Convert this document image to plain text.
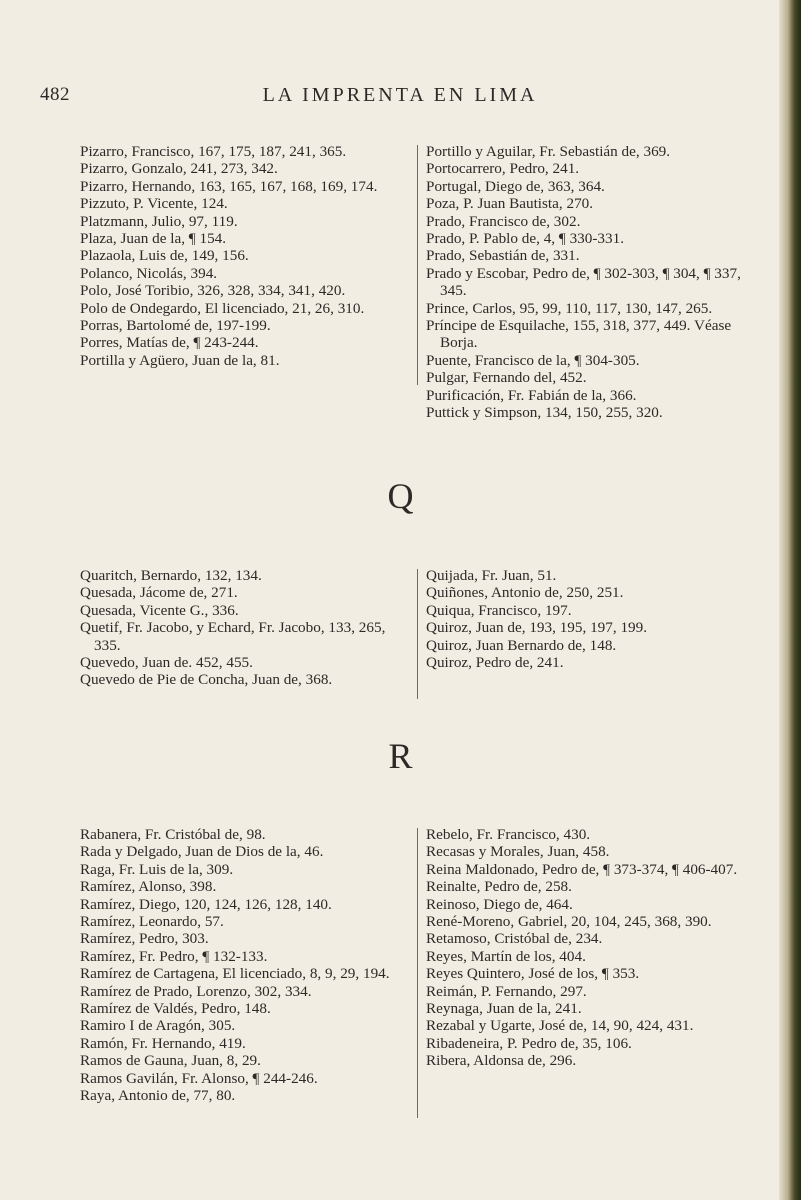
482	LA IMPRENTA EN LIMA
Pizarro, Francisco, 167, 175, 187, 241, 365.
Pizarro, Gonzalo, 241, 273, 342.
Pizarro, Hernando, 163, 165, 167, 168, 169, 174.
Pizzuto, P. Vicente, 124.
Platzmann, Julio, 97, 119.
Plaza, Juan de la, ¶ 154.
Plazaola, Luis de, 149, 156.
Polanco, Nicolás, 394.
Polo, José Toribio, 326, 328, 334, 341, 420.
Polo de Ondegardo, El licenciado, 21, 26, 310.
Porras, Bartolomé de, 197-199.
Porres, Matías de, ¶ 243-244.
Portilla y Agüero, Juan de la, 81.
Portillo y Aguilar, Fr. Sebastián de, 369.
Portocarrero, Pedro, 241.
Portugal, Diego de, 363, 364.
Poza, P. Juan Bautista, 270.
Prado, Francisco de, 302.
Prado, P. Pablo de, 4, ¶ 330-331.
Prado, Sebastián de, 331.
Prado y Escobar, Pedro de, ¶ 302-303, ¶ 304, ¶ 337, 345.
Prince, Carlos, 95, 99, 110, 117, 130, 147, 265.
Príncipe de Esquilache, 155, 318, 377, 449. Véase Borja.
Puente, Francisco de la, ¶ 304-305.
Pulgar, Fernando del, 452.
Purificación, Fr. Fabián de la, 366.
Puttick y Simpson, 134, 150, 255, 320.
Q
Quaritch, Bernardo, 132, 134.
Quesada, Jácome de, 271.
Quesada, Vicente G., 336.
Quetif, Fr. Jacobo, y Echard, Fr. Jacobo, 133, 265, 335.
Quevedo, Juan de. 452, 455.
Quevedo de Pie de Concha, Juan de, 368.
Quijada, Fr. Juan, 51.
Quiñones, Antonio de, 250, 251.
Quiqua, Francisco, 197.
Quiroz, Juan de, 193, 195, 197, 199.
Quiroz, Juan Bernardo de, 148.
Quiroz, Pedro de, 241.
R
Rabanera, Fr. Cristóbal de, 98.
Rada y Delgado, Juan de Dios de la, 46.
Raga, Fr. Luis de la, 309.
Ramírez, Alonso, 398.
Ramírez, Diego, 120, 124, 126, 128, 140.
Ramírez, Leonardo, 57.
Ramírez, Pedro, 303.
Ramírez, Fr. Pedro, ¶ 132-133.
Ramírez de Cartagena, El licenciado, 8, 9, 29, 194.
Ramírez de Prado, Lorenzo, 302, 334.
Ramírez de Valdés, Pedro, 148.
Ramiro I de Aragón, 305.
Ramón, Fr. Hernando, 419.
Ramos de Gauna, Juan, 8, 29.
Ramos Gavilán, Fr. Alonso, ¶ 244-246.
Raya, Antonio de, 77, 80.
Rebelo, Fr. Francisco, 430.
Recasas y Morales, Juan, 458.
Reina Maldonado, Pedro de, ¶ 373-374, ¶ 406-407.
Reinalte, Pedro de, 258.
Reinoso, Diego de, 464.
René-Moreno, Gabriel, 20, 104, 245, 368, 390.
Retamoso, Cristóbal de, 234.
Reyes, Martín de los, 404.
Reyes Quintero, José de los, ¶ 353.
Reimán, P. Fernando, 297.
Reynaga, Juan de la, 241.
Rezabal y Ugarte, José de, 14, 90, 424, 431.
Ribadeneira, P. Pedro de, 35, 106.
Ribera, Aldonsa de, 296.
